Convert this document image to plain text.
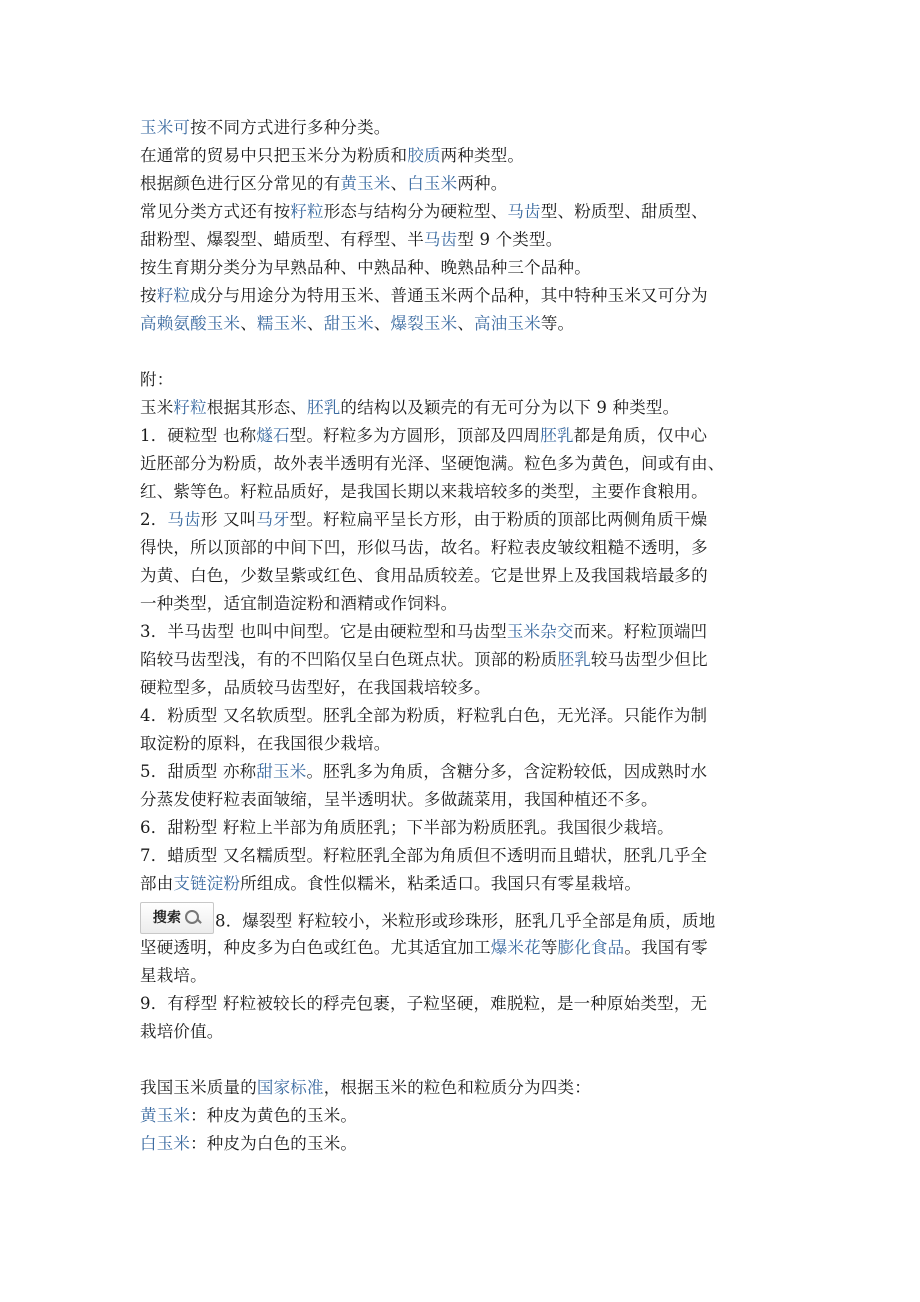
玉米可按不同方式进行多种分类。
在通常的贸易中只把玉米分为粉质和胶质两种类型。
根据颜色进行区分常见的有黄玉米、白玉米两种。
常见分类方式还有按籽粒形态与结构分为硬粒型、马齿型、粉质型、甜质型、
甜粉型、爆裂型、蜡质型、有稃型、半马齿型 9 个类型。
按生育期分类分为早熟品种、中熟品种、晚熟品种三个品种。
按籽粒成分与用途分为特用玉米、普通玉米两个品种，其中特种玉米又可分为
高赖氨酸玉米、糯玉米、甜玉米、爆裂玉米、高油玉米等。
附：
玉米籽粒根据其形态、胚乳的结构以及颖壳的有无可分为以下 9 种类型。
1．硬粒型 也称燧石型。籽粒多为方圆形，顶部及四周胚乳都是角质，仅中心
近胚部分为粉质，故外表半透明有光泽、坚硬饱满。粒色多为黄色，间或有由、
红、紫等色。籽粒品质好，是我国长期以来栽培较多的类型，主要作食粮用。
2．马齿形 又叫马牙型。籽粒扁平呈长方形，由于粉质的顶部比两侧角质干燥
得快，所以顶部的中间下凹，形似马齿，故名。籽粒表皮皱纹粗糙不透明，多
为黄、白色，少数呈紫或红色、食用品质较差。它是世界上及我国栽培最多的
一种类型，适宜制造淀粉和酒精或作饲料。
3．半马齿型 也叫中间型。它是由硬粒型和马齿型玉米杂交而来。籽粒顶端凹
陷较马齿型浅，有的不凹陷仅呈白色斑点状。顶部的粉质胚乳较马齿型少但比
硬粒型多，品质较马齿型好，在我国栽培较多。
4．粉质型 又名软质型。胚乳全部为粉质，籽粒乳白色，无光泽。只能作为制
取淀粉的原料，在我国很少栽培。
5．甜质型 亦称甜玉米。胚乳多为角质，含糖分多，含淀粉较低，因成熟时水
分蒸发使籽粒表面皱缩，呈半透明状。多做蔬菜用，我国种植还不多。
6．甜粉型 籽粒上半部为角质胚乳；下半部为粉质胚乳。我国很少栽培。
7．蜡质型 又名糯质型。籽粒胚乳全部为角质但不透明而且蜡状，胚乳几乎全
部由支链淀粉所组成。食性似糯米，粘柔适口。我国只有零星栽培。
搜索 8．爆裂型 籽粒较小，米粒形或珍珠形，胚乳几乎全部是角质，质地
坚硬透明，种皮多为白色或红色。尤其适宜加工爆米花等膨化食品。我国有零
星栽培。
9．有稃型 籽粒被较长的稃壳包裹，子粒坚硬，难脱粒，是一种原始类型，无
栽培价值。
我国玉米质量的国家标准，根据玉米的粒色和粒质分为四类：
黄玉米：种皮为黄色的玉米。
白玉米：种皮为白色的玉米。
